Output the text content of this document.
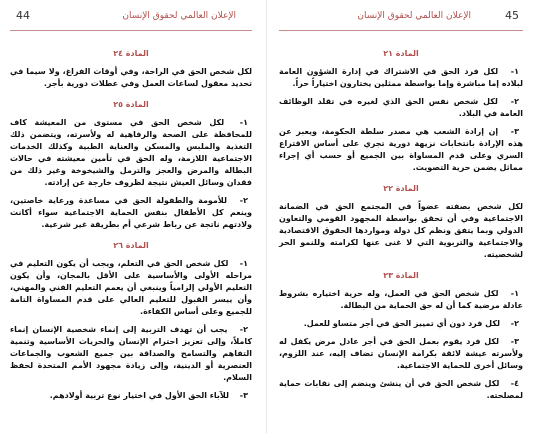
الإعلان العالمي لحقوق الإنسان
44
المادة ٢٤

لكل شخص الحق في الراحة، وفي أوقات الفراغ، ولا سيما في تحديد معقول لساعات العمل وفي عطلات دورية بأجر.

المادة ٢٥

-١ لكل شخص الحق في مستوى من المعيشة كاف للمحافظة على الصحة والرفاهية له ولأسرته، ويتضمن ذلك التغذية والملبس والمسكن والعناية الطبية وكذلك الخدمات الاجتماعية اللازمة، وله الحق في تأمين معيشته في حالات البطالة والمرض والعجز والترمل والشيخوخة وغير ذلك من فقدان وسائل العيش نتيجة لظروف خارجة عن إرادته.

-٢ للأمومة والطفولة الحق في مساعدة ورعاية خاصتين، وينعم كل الأطفال بنفس الحماية الاجتماعية سواء أكانت ولادتهم ناتجة عن رباط شرعي أم بطريقة غير شرعية.

المادة ٢٦

-١ لكل شخص الحق في التعلم، ويجب أن يكون التعليم في مراحله الأولى والأساسية على الأقل بالمجان، وأن يكون التعليم الأولي إلزامياً وينبغي أن يعمم التعليم الفني والمهني، وأن ييسر القبول للتعليم العالي على قدم المساواة التامة للجميع وعلى أساس الكفاءة.

-٢ يجب أن تهدف التربية إلى إنماء شخصية الإنسان إنماء كاملاً، وإلى تعزيز احترام الإنسان والحريات الأساسية وتنمية التفاهم والتسامح والصداقة بين جميع الشعوب والجماعات العنصرية أو الدينية، وإلى زيادة مجهود الأمم المتحدة لحفظ السلام.

-٣ للآباء الحق الأول في اختيار نوع تربية أولادهم.

الإعلان العالمي لحقوق الإنسان	45
المادة ٢١

-١ لكل فرد الحق في الاشتراك في إدارة الشؤون العامة لبلاده إما مباشرة وإما بواسطة ممثلين يختارون اختياراً حراً.

-٢ لكل شخص نفس الحق الذي لغيره في تقلد الوظائف العامة في البلاد.

-٣ إن إرادة الشعب هي مصدر سلطة الحكومة، ويعبر عن هذه الإرادة بانتخابات نزيهة دورية تجري على أساس الاقتراع السري وعلى قدم المساواة بين الجميع أو حسب أي إجراء مماثل يضمن حرية التصويت.

المادة ٢٢

لكل شخص بصفته عضواً في المجتمع الحق في الضمانة الاجتماعية وفي أن تحقق بواسطة المجهود القومي والتعاون الدولي وبما يتفق ونظم كل دولة ومواردها الحقوق الاقتصادية والاجتماعية والتربوية التي لا غنى عنها لكرامته وللنمو الحر لشخصيته.

المادة ٢٣

-١ لكل شخص الحق في العمل، وله حرية اختياره بشروط عادلة مرضية كما أن له حق الحماية من البطالة.

-٢ لكل فرد دون أي تمييز الحق في أجر متساو للعمل.

-٣ لكل فرد يقوم بعمل الحق في أجر عادل مرض يكفل له ولأسرته عيشة لائقة بكرامة الإنسان تضاف إليه، عند اللزوم، وسائل أخرى للحماية الاجتماعية.

-٤ لكل شخص الحق في أن ينشئ وينضم إلى نقابات حماية لمصلحته.
